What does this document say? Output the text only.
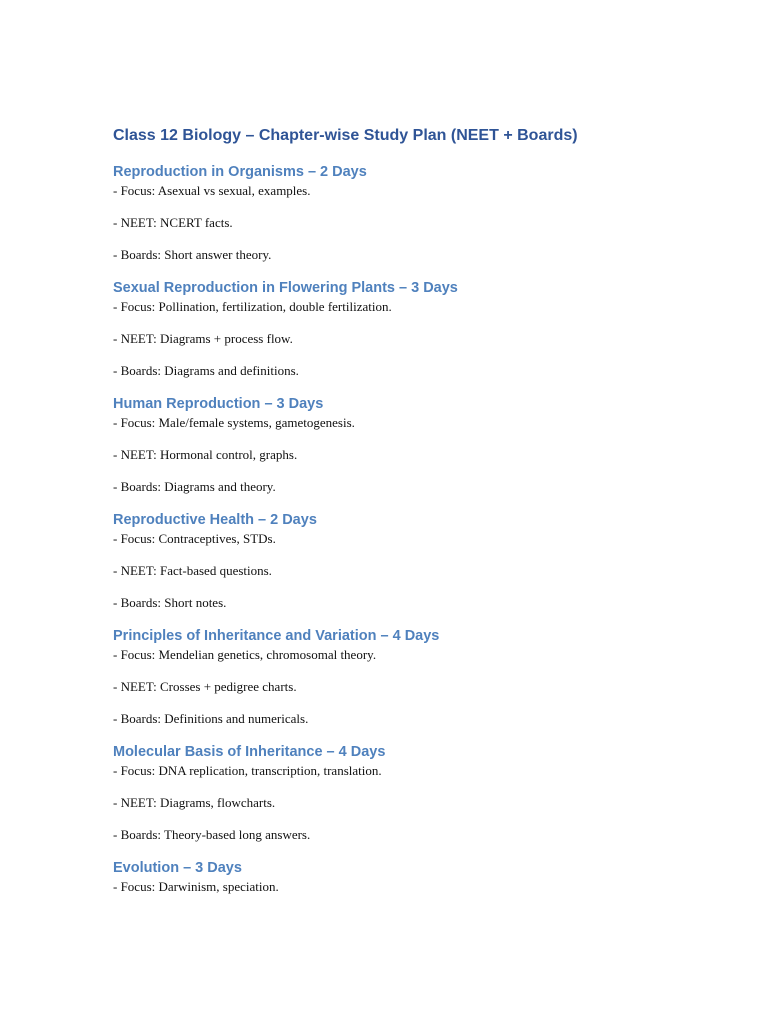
Class 12 Biology – Chapter-wise Study Plan (NEET + Boards)
Reproduction in Organisms – 2 Days

- Focus: Asexual vs sexual, examples.

- NEET: NCERT facts.

- Boards: Short answer theory.

Sexual Reproduction in Flowering Plants – 3 Days

- Focus: Pollination, fertilization, double fertilization.

- NEET: Diagrams + process flow.

- Boards: Diagrams and definitions.

Human Reproduction – 3 Days

- Focus: Male/female systems, gametogenesis.

- NEET: Hormonal control, graphs.

- Boards: Diagrams and theory.

Reproductive Health – 2 Days

- Focus: Contraceptives, STDs.

- NEET: Fact-based questions.

- Boards: Short notes.

Principles of Inheritance and Variation – 4 Days

- Focus: Mendelian genetics, chromosomal theory.

- NEET: Crosses + pedigree charts.

- Boards: Definitions and numericals.

Molecular Basis of Inheritance – 4 Days

- Focus: DNA replication, transcription, translation.

- NEET: Diagrams, flowcharts.

- Boards: Theory-based long answers.

Evolution – 3 Days

- Focus: Darwinism, speciation.
